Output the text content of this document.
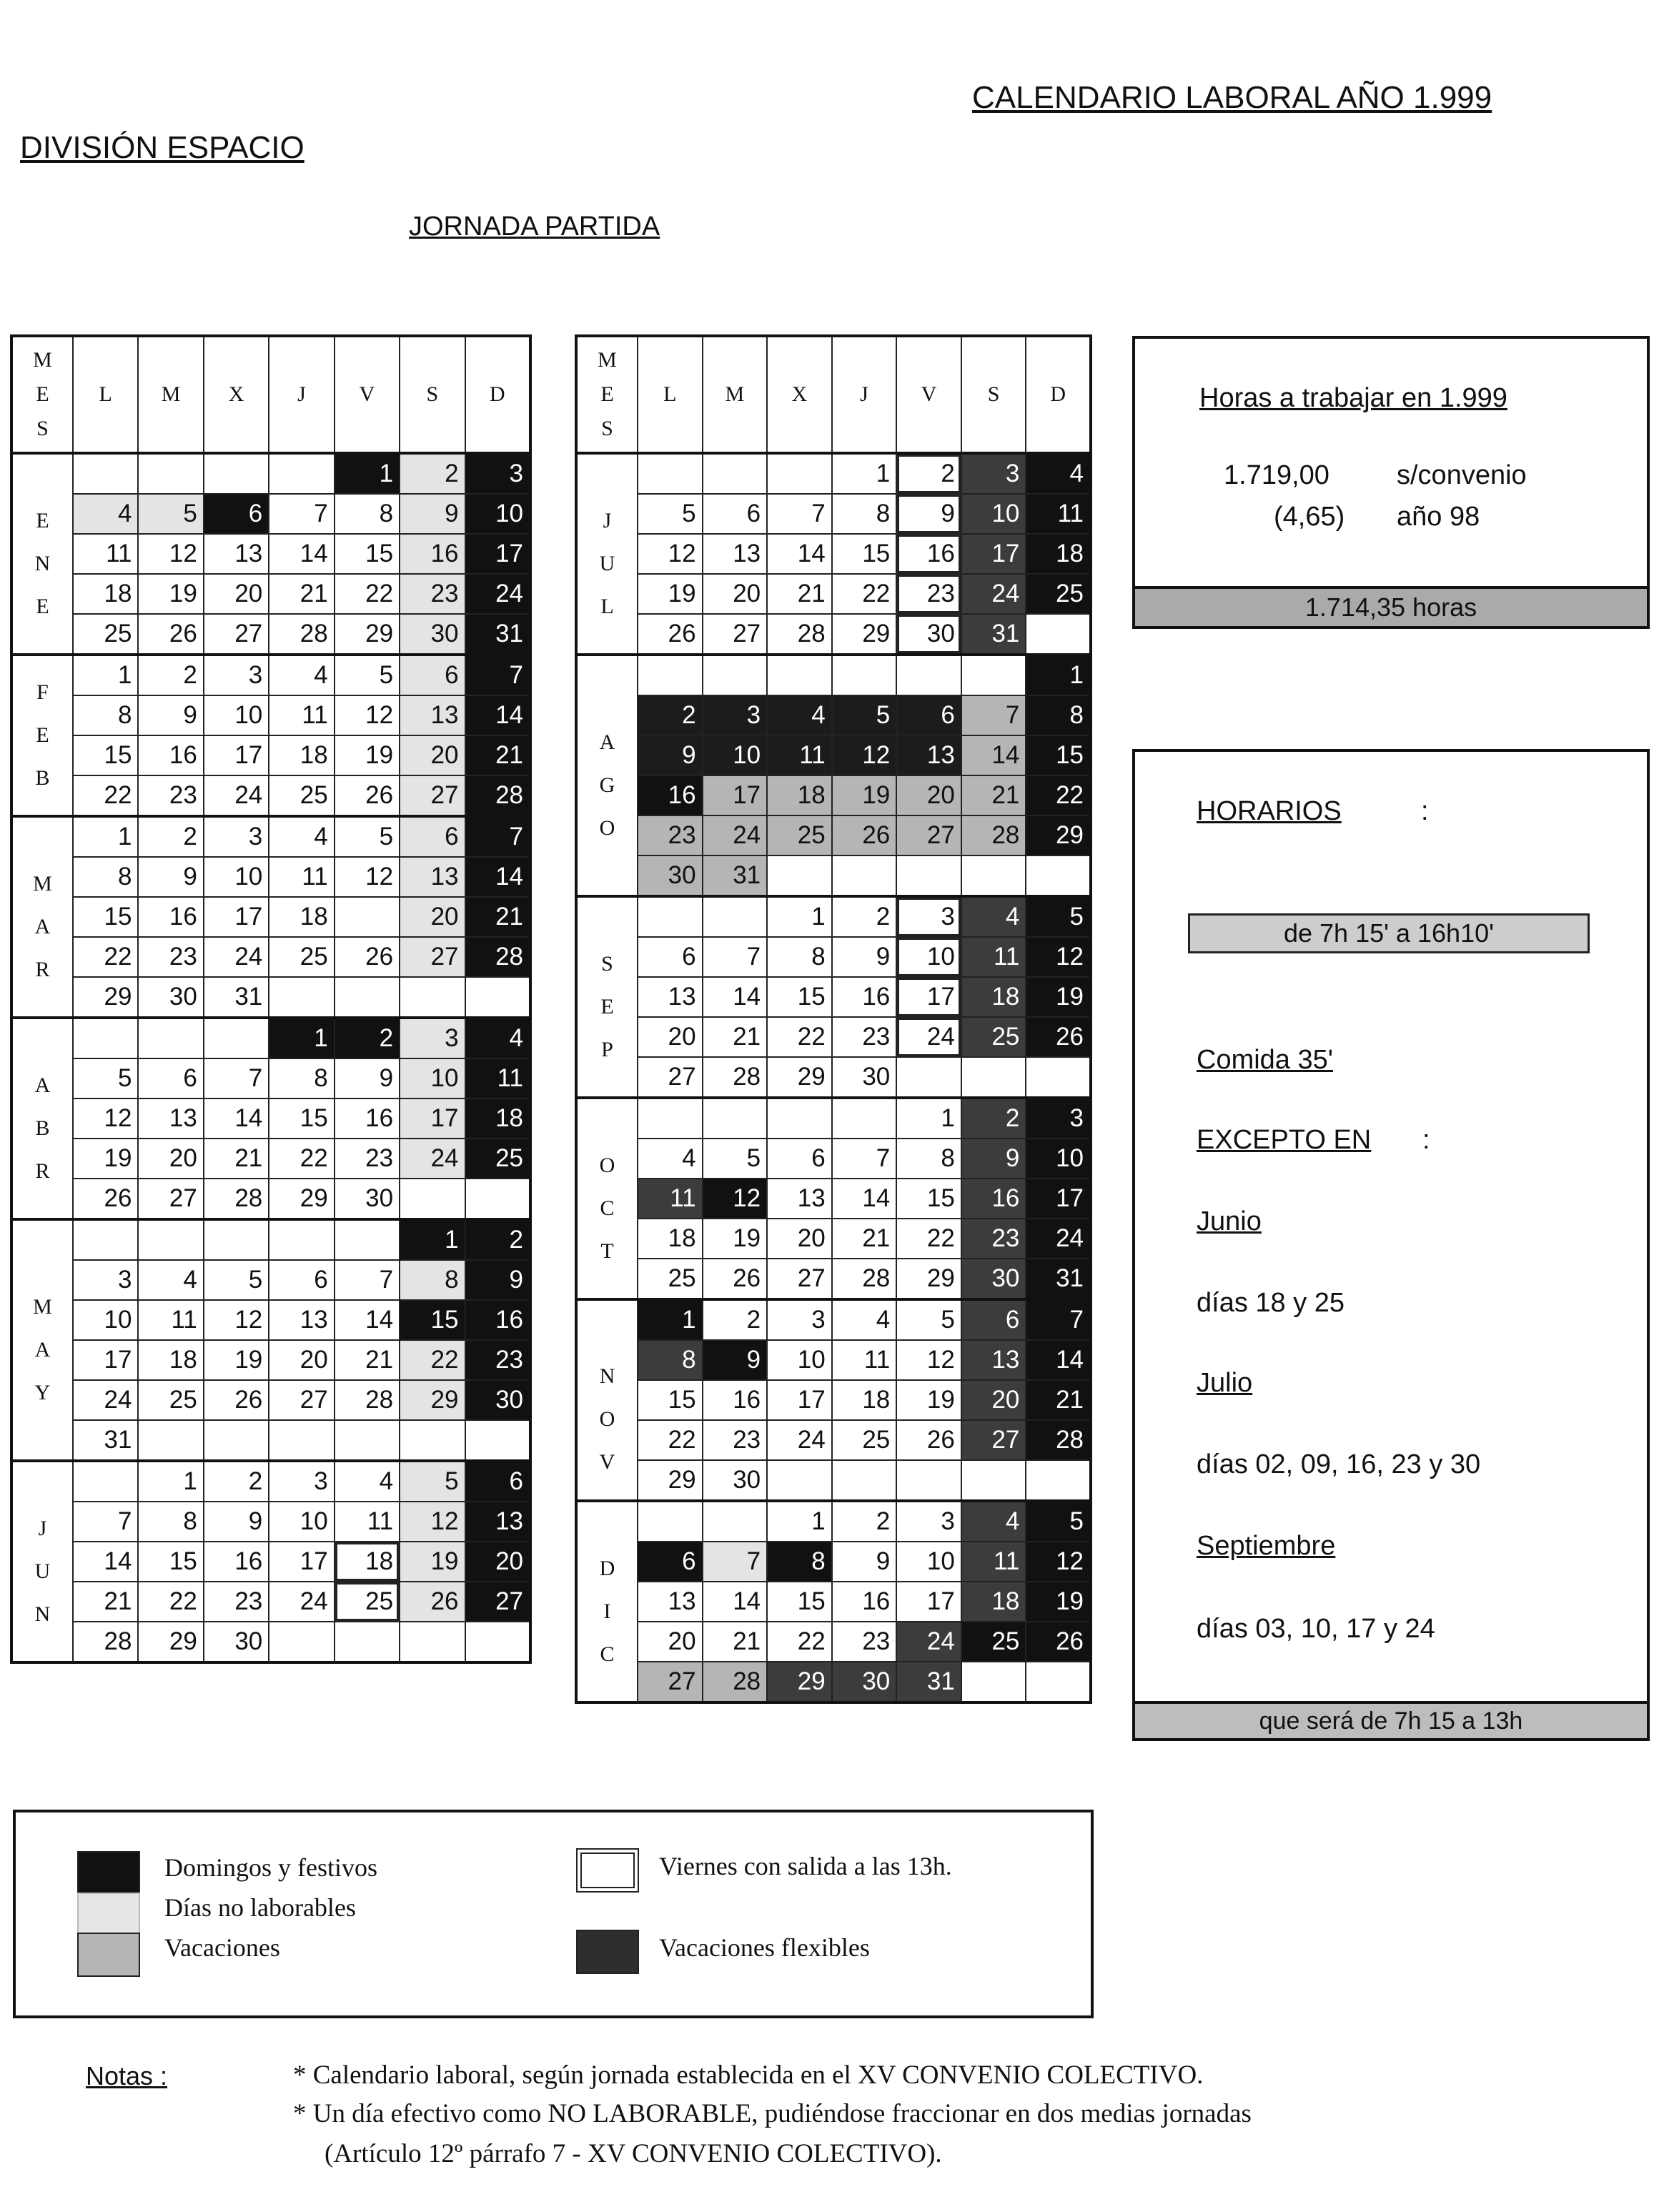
CALENDARIO LABORAL AÑO 1.999
DIVISIÓN ESPACIO
JORNADA PARTIDA
M
E
S	L	M	X	J	V	S	D

E
N
E					1	2	3
	4	5	6	7	8	9	10
	11	12	13	14	15	16	17
	18	19	20	21	22	23	24
	25	26	27	28	29	30	31

F
E
B	1	2	3	4	5	6	7
	8	9	10	11	12	13	14
	15	16	17	18	19	20	21
	22	23	24	25	26	27	28

M
A
R	1	2	3	4	5	6	7
	8	9	10	11	12	13	14
	15	16	17	18		20	21
	22	23	24	25	26	27	28
	29	30	31				

A
B
R				1	2	3	4
	5	6	7	8	9	10	11
	12	13	14	15	16	17	18
	19	20	21	22	23	24	25
	26	27	28	29	30		

M
A
Y						1	2
	3	4	5	6	7	8	9
	10	11	12	13	14	15	16
	17	18	19	20	21	22	23
	24	25	26	27	28	29	30
	31						

J
U
N		1	2	3	4	5	6
	7	8	9	10	11	12	13
	14	15	16	17	18	19	20
	21	22	23	24	25	26	27
	28	29	30				
M
E
S	L	M	X	J	V	S	D

J
U
L				1	2	3	4
	5	6	7	8	9	10	11
	12	13	14	15	16	17	18
	19	20	21	22	23	24	25
	26	27	28	29	30	31	

A
G
O							1
	2	3	4	5	6	7	8
	9	10	11	12	13	14	15
	16	17	18	19	20	21	22
	23	24	25	26	27	28	29
	30	31					

S
E
P			1	2	3	4	5
	6	7	8	9	10	11	12
	13	14	15	16	17	18	19
	20	21	22	23	24	25	26
	27	28	29	30			

O
C
T					1	2	3
	4	5	6	7	8	9	10
	11	12	13	14	15	16	17
	18	19	20	21	22	23	24
	25	26	27	28	29	30	31

N
O
V	1	2	3	4	5	6	7
	8	9	10	11	12	13	14
	15	16	17	18	19	20	21
	22	23	24	25	26	27	28
	29	30					

D
I
C			1	2	3	4	5
	6	7	8	9	10	11	12
	13	14	15	16	17	18	19
	20	21	22	23	24	25	26
	27	28	29	30	31		
Horas a trabajar en 1.999
1.719,00 s/convenio
(4,65) año 98
1.714,35 horas
HORARIOS	:
de 7h 15' a 16h10'
Comida 35'
EXCEPTO EN :
Junio
días 18 y 25
Julio
días 02, 09, 16, 23 y 30
Septiembre
días 03, 10, 17 y 24
que será de 7h 15 a 13h
Domingos y festivos
Días no laborables
Vacaciones
Viernes con salida a las 13h.
Vacaciones flexibles
Notas :	* Calendario laboral, según jornada establecida en el XV CONVENIO COLECTIVO.
* Un día efectivo como NO LABORABLE, pudiéndose fraccionar en dos medias jornadas
(Artículo 12º párrafo 7 - XV CONVENIO COLECTIVO).
